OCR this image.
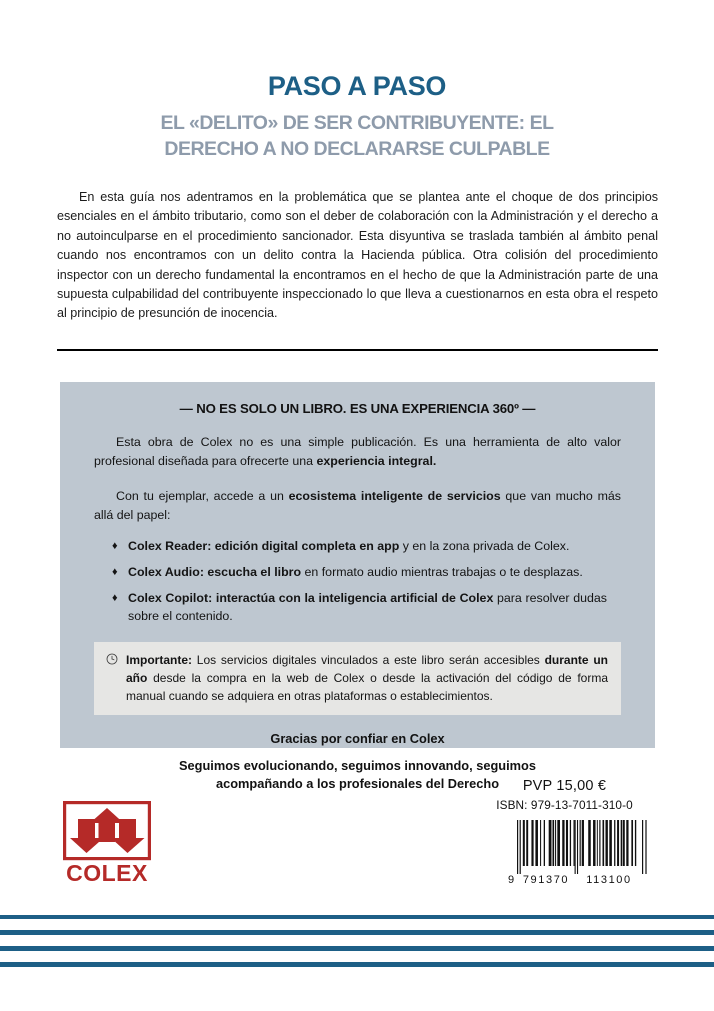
PASO A PASO
EL «DELITO» DE SER CONTRIBUYENTE: EL
DERECHO A NO DECLARARSE CULPABLE

En esta guía nos adentramos en la problemática que se plantea ante el choque de dos principios esenciales en el ámbito tributario, como son el deber de colaboración con la Administración y el derecho a no autoinculparse en el procedimiento sancionador. Esta disyuntiva se traslada también al ámbito penal cuando nos encontramos con un delito contra la Hacienda pública. Otra colisión del procedimiento inspector con un derecho fundamental la encontramos en el hecho de que la Administración parte de una supuesta culpabilidad del contribuyente inspeccionado lo que lleva a cuestionarnos en esta obra el respeto al principio de presunción de inocencia.

— NO ES SOLO UN LIBRO. ES UNA EXPERIENCIA 360º —

Esta obra de Colex no es una simple publicación. Es una herramienta de alto valor profesional diseñada para ofrecerte una experiencia integral.

Con tu ejemplar, accede a un ecosistema inteligente de servicios que van mucho más allá del papel:

♦ Colex Reader: edición digital completa en app y en la zona privada de Colex.
♦ Colex Audio: escucha el libro en formato audio mientras trabajas o te desplazas.
♦ Colex Copilot: interactúa con la inteligencia artificial de Colex para resolver dudas sobre el contenido.
Importante: Los servicios digitales vinculados a este libro serán accesibles durante un año desde la compra en la web de Colex o desde la activación del código de forma manual cuando se adquiera en otras plataformas o establecimientos.
Gracias por confiar en Colex
Seguimos evolucionando, seguimos innovando, seguimos
acompañando a los profesionales del Derecho	PVP 15,00 €
ISBN: 979-13-7011-310-0
9 791370 113100
COLEX
